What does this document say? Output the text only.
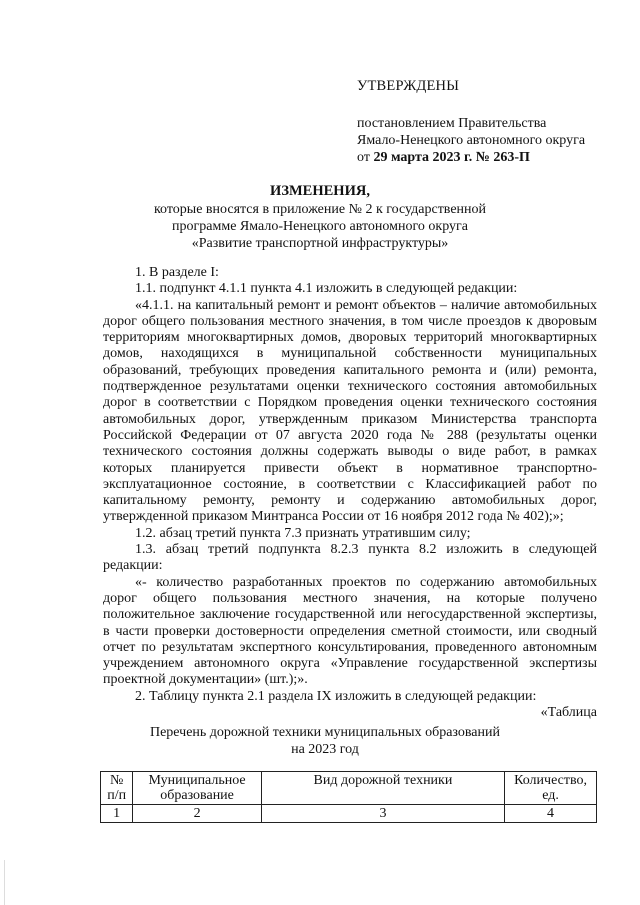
УТВЕРЖДЕНЫ
постановлением Правительства
Ямало-Ненецкого автономного округа
от 29 марта 2023 г. № 263-П
ИЗМЕНЕНИЯ,
которые вносятся в приложение № 2 к государственной
программе Ямало-Ненецкого автономного округа
«Развитие транспортной инфраструктуры»

1. В разделе I:

1.1. подпункт 4.1.1 пункта 4.1 изложить в следующей редакции:

«4.1.1. на капитальный ремонт и ремонт объектов – наличие автомобильных дорог общего пользования местного значения, в том числе проездов к дворовым территориям многоквартирных домов, дворовых территорий многоквартирных домов, находящихся в муниципальной собственности муниципальных образований, требующих проведения капитального ремонта и (или) ремонта, подтвержденное результатами оценки технического состояния автомобильных дорог в соответствии с Порядком проведения оценки технического состояния автомобильных дорог, утвержденным приказом Министерства транспорта Российской Федерации от 07 августа 2020 года № 288 (результаты оценки технического состояния должны содержать выводы о виде работ, в рамках которых планируется привести объект в нормативное транспортно-эксплуатационное состояние, в соответствии с Классификацией работ по капитальному ремонту, ремонту и содержанию автомобильных дорог, утвержденной приказом Минтранса России от 16 ноября 2012 года № 402);»;

1.2. абзац третий пункта 7.3 признать утратившим силу;

1.3. абзац третий подпункта 8.2.3 пункта 8.2 изложить в следующей редакции:

«- количество разработанных проектов по содержанию автомобильных дорог общего пользования местного значения, на которые получено положительное заключение государственной или негосударственной экспертизы, в части проверки достоверности определения сметной стоимости, или сводный отчет по результатам экспертного консультирования, проведенного автономным учреждением автономного округа «Управление государственной экспертизы проектной документации» (шт.);».

2. Таблицу пункта 2.1 раздела IX изложить в следующей редакции:

«Таблица

Перечень дорожной техники муниципальных образований
на 2023 год
№ п/п	Муниципальное образование	Вид дорожной техники	Количество, ед.
1	2	3	4
